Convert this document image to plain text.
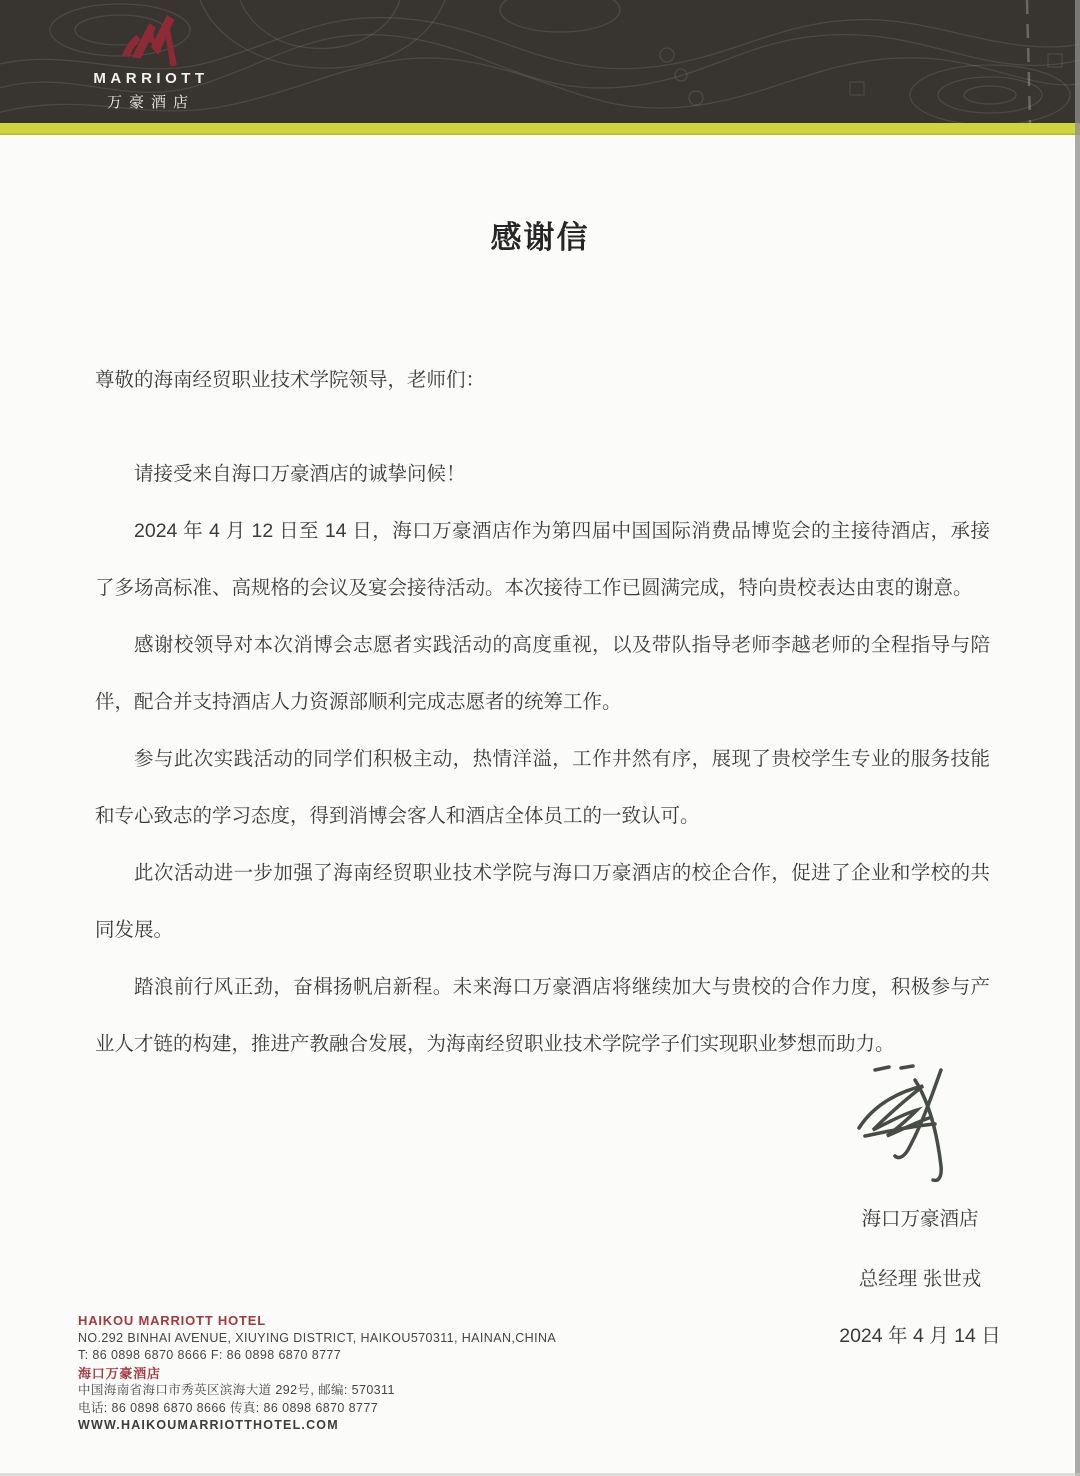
MARRIOTT
万豪酒店
感谢信
尊敬的海南经贸职业技术学院领导，老师们：

请接受来自海口万豪酒店的诚挚问候！

2024 年 4 月 12 日至 14 日，海口万豪酒店作为第四届中国国际消费品博览会的主接待酒店，承接了多场高标准、高规格的会议及宴会接待活动。本次接待工作已圆满完成，特向贵校表达由衷的谢意。

感谢校领导对本次消博会志愿者实践活动的高度重视，以及带队指导老师李越老师的全程指导与陪伴，配合并支持酒店人力资源部顺利完成志愿者的统筹工作。

参与此次实践活动的同学们积极主动，热情洋溢，工作井然有序，展现了贵校学生专业的服务技能和专心致志的学习态度，得到消博会客人和酒店全体员工的一致认可。

此次活动进一步加强了海南经贸职业技术学院与海口万豪酒店的校企合作，促进了企业和学校的共同发展。

踏浪前行风正劲，奋楫扬帆启新程。未来海口万豪酒店将继续加大与贵校的合作力度，积极参与产业人才链的构建，推进产教融合发展，为海南经贸职业技术学院学子们实现职业梦想而助力。

海口万豪酒店
总经理 张世戎
2024 年 4 月 14 日
HAIKOU MARRIOTT HOTEL
NO.292 BINHAI AVENUE, XIUYING DISTRICT, HAIKOU570311, HAINAN,CHINA
T: 86 0898 6870 8666 F: 86 0898 6870 8777
海口万豪酒店
中国海南省海口市秀英区滨海大道 292号, 邮编: 570311
电话: 86 0898 6870 8666 传真: 86 0898 6870 8777
WWW.HAIKOUMARRIOTTHOTEL.COM
